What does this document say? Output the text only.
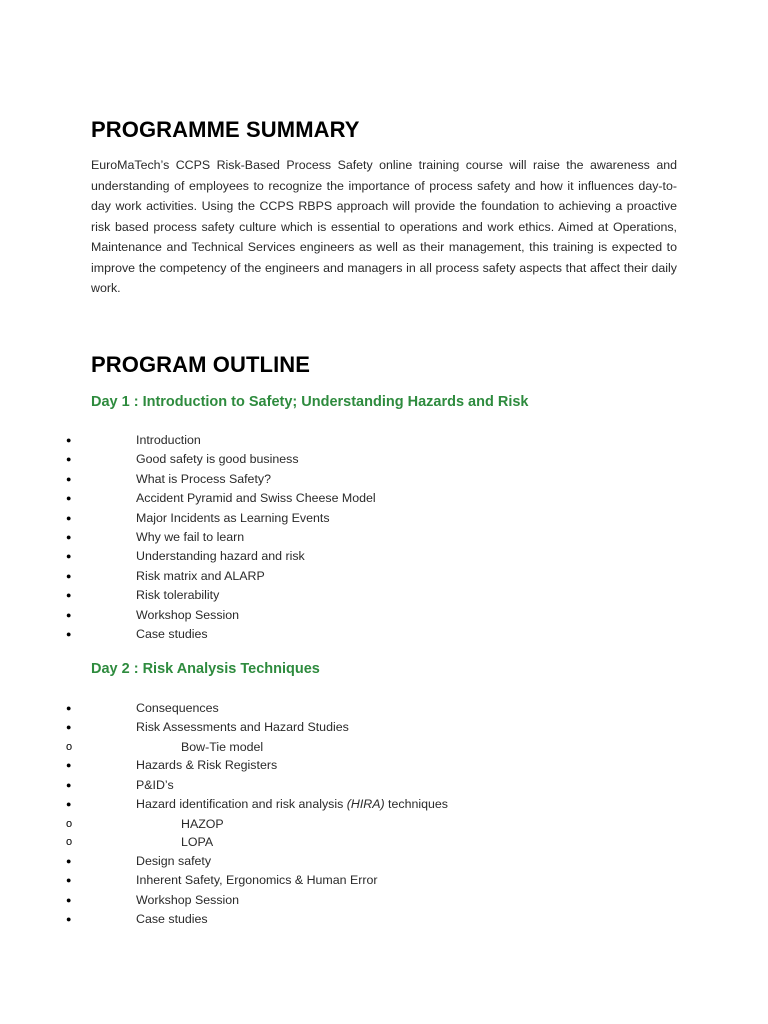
PROGRAMME SUMMARY

EuroMaTech’s CCPS Risk-Based Process Safety online training course will raise the awareness and understanding of employees to recognize the importance of process safety and how it influences day-to-day work activities. Using the CCPS RBPS approach will provide the foundation to achieving a proactive risk based process safety culture which is essential to operations and work ethics. Aimed at Operations, Maintenance and Technical Services engineers as well as their management, this training is expected to improve the competency of the engineers and managers in all process safety aspects that affect their daily work.

PROGRAM OUTLINE
Day 1 : Introduction to Safety; Understanding Hazards and Risk
●	Introduction
●	Good safety is good business
●	What is Process Safety?
●	Accident Pyramid and Swiss Cheese Model
●	Major Incidents as Learning Events
●	Why we fail to learn
●	Understanding hazard and risk
●	Risk matrix and ALARP
●	Risk tolerability
●	Workshop Session
●	Case studies
Day 2 : Risk Analysis Techniques
●	Consequences
●	Risk Assessments and Hazard Studies
o	Bow-Tie model
●	Hazards & Risk Registers
●	P&ID’s
●	Hazard identification and risk analysis (HIRA) techniques
o	HAZOP
o	LOPA
●	Design safety
●	Inherent Safety, Ergonomics & Human Error
●	Workshop Session
●	Case studies
